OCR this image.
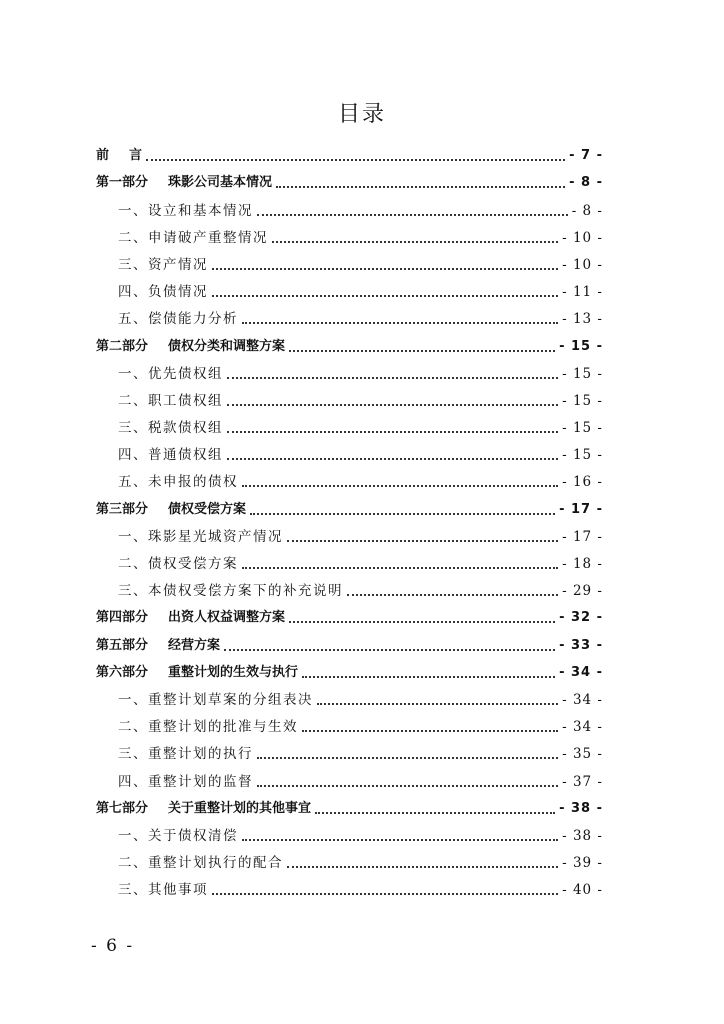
目录
前 言	- 7 -
第一部分 珠影公司基本情况	- 8 -
一、设立和基本情况	- 8 -
二、申请破产重整情况	- 10 -
三、资产情况	- 10 -
四、负债情况	- 11 -
五、偿债能力分析	- 13 -
第二部分 债权分类和调整方案	- 15 -
一、优先债权组	- 15 -
二、职工债权组	- 15 -
三、税款债权组	- 15 -
四、普通债权组	- 15 -
五、未申报的债权	- 16 -
第三部分 债权受偿方案	- 17 -
一、珠影星光城资产情况	- 17 -
二、债权受偿方案	- 18 -
三、本债权受偿方案下的补充说明	- 29 -
第四部分 出资人权益调整方案	- 32 -
第五部分 经营方案	- 33 -
第六部分 重整计划的生效与执行	- 34 -
一、重整计划草案的分组表决	- 34 -
二、重整计划的批准与生效	- 34 -
三、重整计划的执行	- 35 -
四、重整计划的监督	- 37 -
第七部分 关于重整计划的其他事宜	- 38 -
一、关于债权清偿	- 38 -
二、重整计划执行的配合	- 39 -
三、其他事项	- 40 -
- 6 -
